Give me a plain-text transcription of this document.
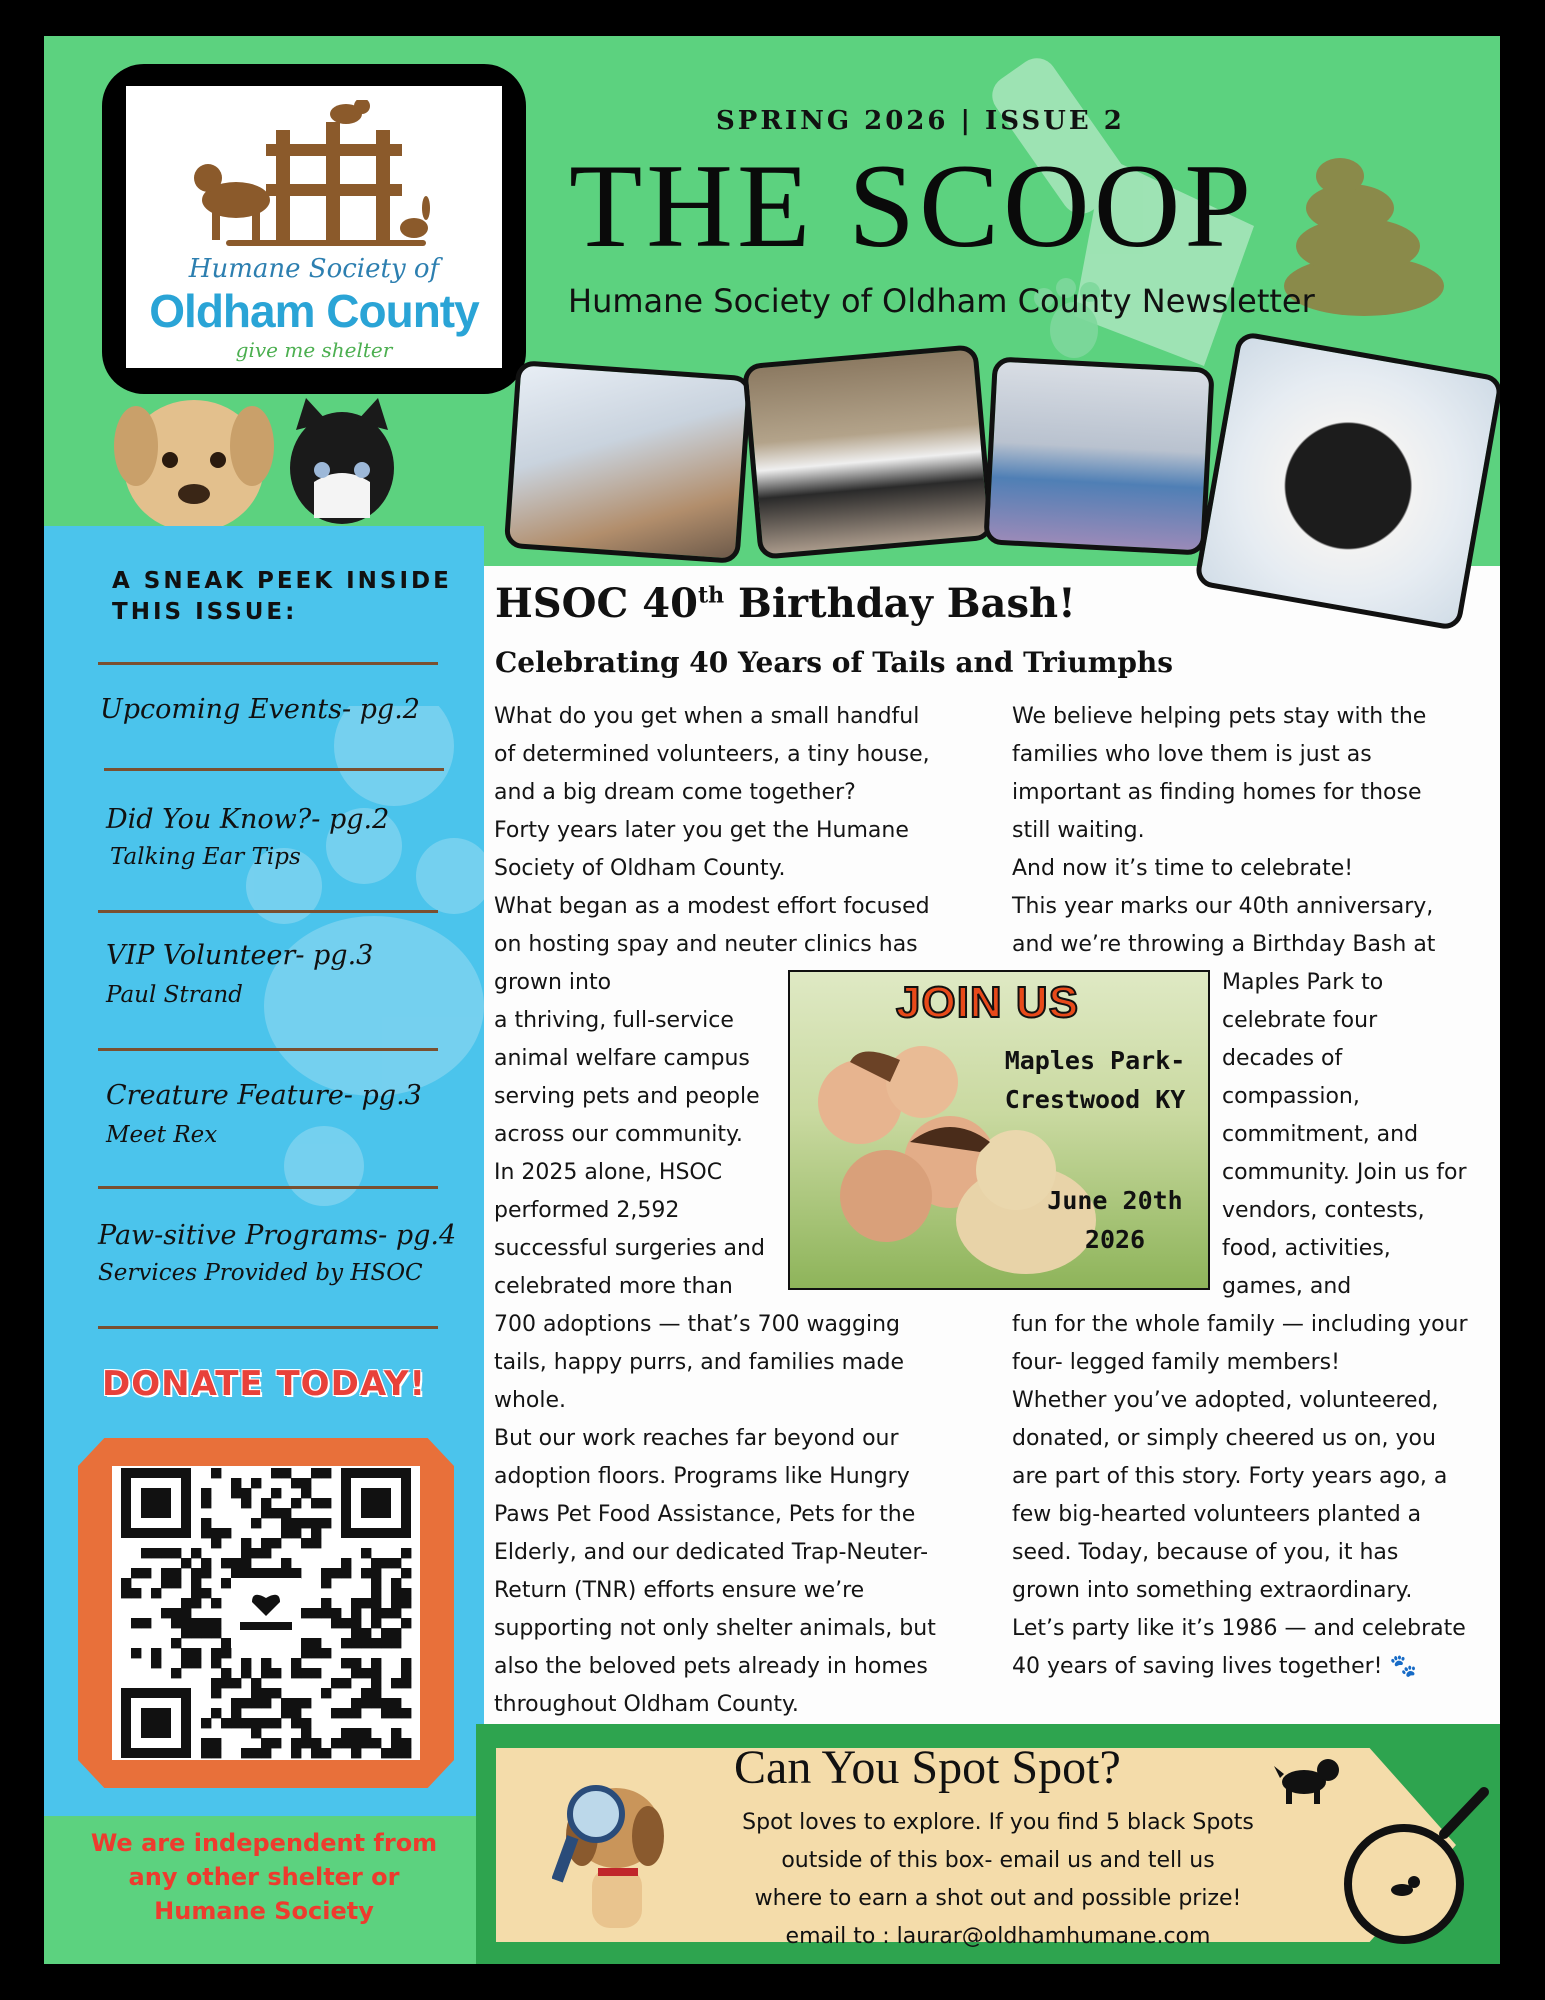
Humane Society of
Oldham County
give me shelter
SPRING 2026 | ISSUE 2
THE SCOOP
Humane Society of Oldham County Newsletter
A SNEAK PEEK INSIDE
THIS ISSUE:
Upcoming Events- pg.2
Did You Know?- pg.2
Talking Ear Tips
VIP Volunteer- pg.3
Paul Strand
Creature Feature- pg.3
Meet Rex
Paw-sitive Programs- pg.4
Services Provided by HSOC
DONATE TODAY!
We are independent from
any other shelter or
Humane Society
HSOC 40th Birthday Bash!
Celebrating 40 Years of Tails and Triumphs
JOIN US
Maples Park-
Crestwood KY
June 20th
2026
Can You Spot Spot?
Spot loves to explore. If you find 5 black Spots
outside of this box- email us and tell us
where to earn a shot out and possible prize!
email to : laurar@oldhamhumane.com
What do you get when a small handful
of determined volunteers, a tiny house,
and a big dream come together?
Forty years later you get the Humane
Society of Oldham County.
What began as a modest effort focused
on hosting spay and neuter clinics has
grown into
a thriving, full-service
animal welfare campus
serving pets and people
across our community.
In 2025 alone, HSOC
performed 2,592
successful surgeries and
celebrated more than
700 adoptions — that’s 700 wagging
tails, happy purrs, and families made
whole.
But our work reaches far beyond our
adoption floors. Programs like Hungry
Paws Pet Food Assistance, Pets for the
Elderly, and our dedicated Trap-Neuter-
Return (TNR) efforts ensure we’re
supporting not only shelter animals, but
also the beloved pets already in homes
throughout Oldham County.
We believe helping pets stay with the
families who love them is just as
important as finding homes for those
still waiting.
And now it’s time to celebrate!
This year marks our 40th anniversary,
and we’re throwing a Birthday Bash at
Maples Park to
celebrate four
decades of
compassion,
commitment, and
community. Join us for
vendors, contests,
food, activities,
games, and
fun for the whole family — including your
four- legged family members!
Whether you’ve adopted, volunteered,
donated, or simply cheered us on, you
are part of this story. Forty years ago, a
few big-hearted volunteers planted a
seed. Today, because of you, it has
grown into something extraordinary.
Let’s party like it’s 1986 — and celebrate
40 years of saving lives together! 🐾
